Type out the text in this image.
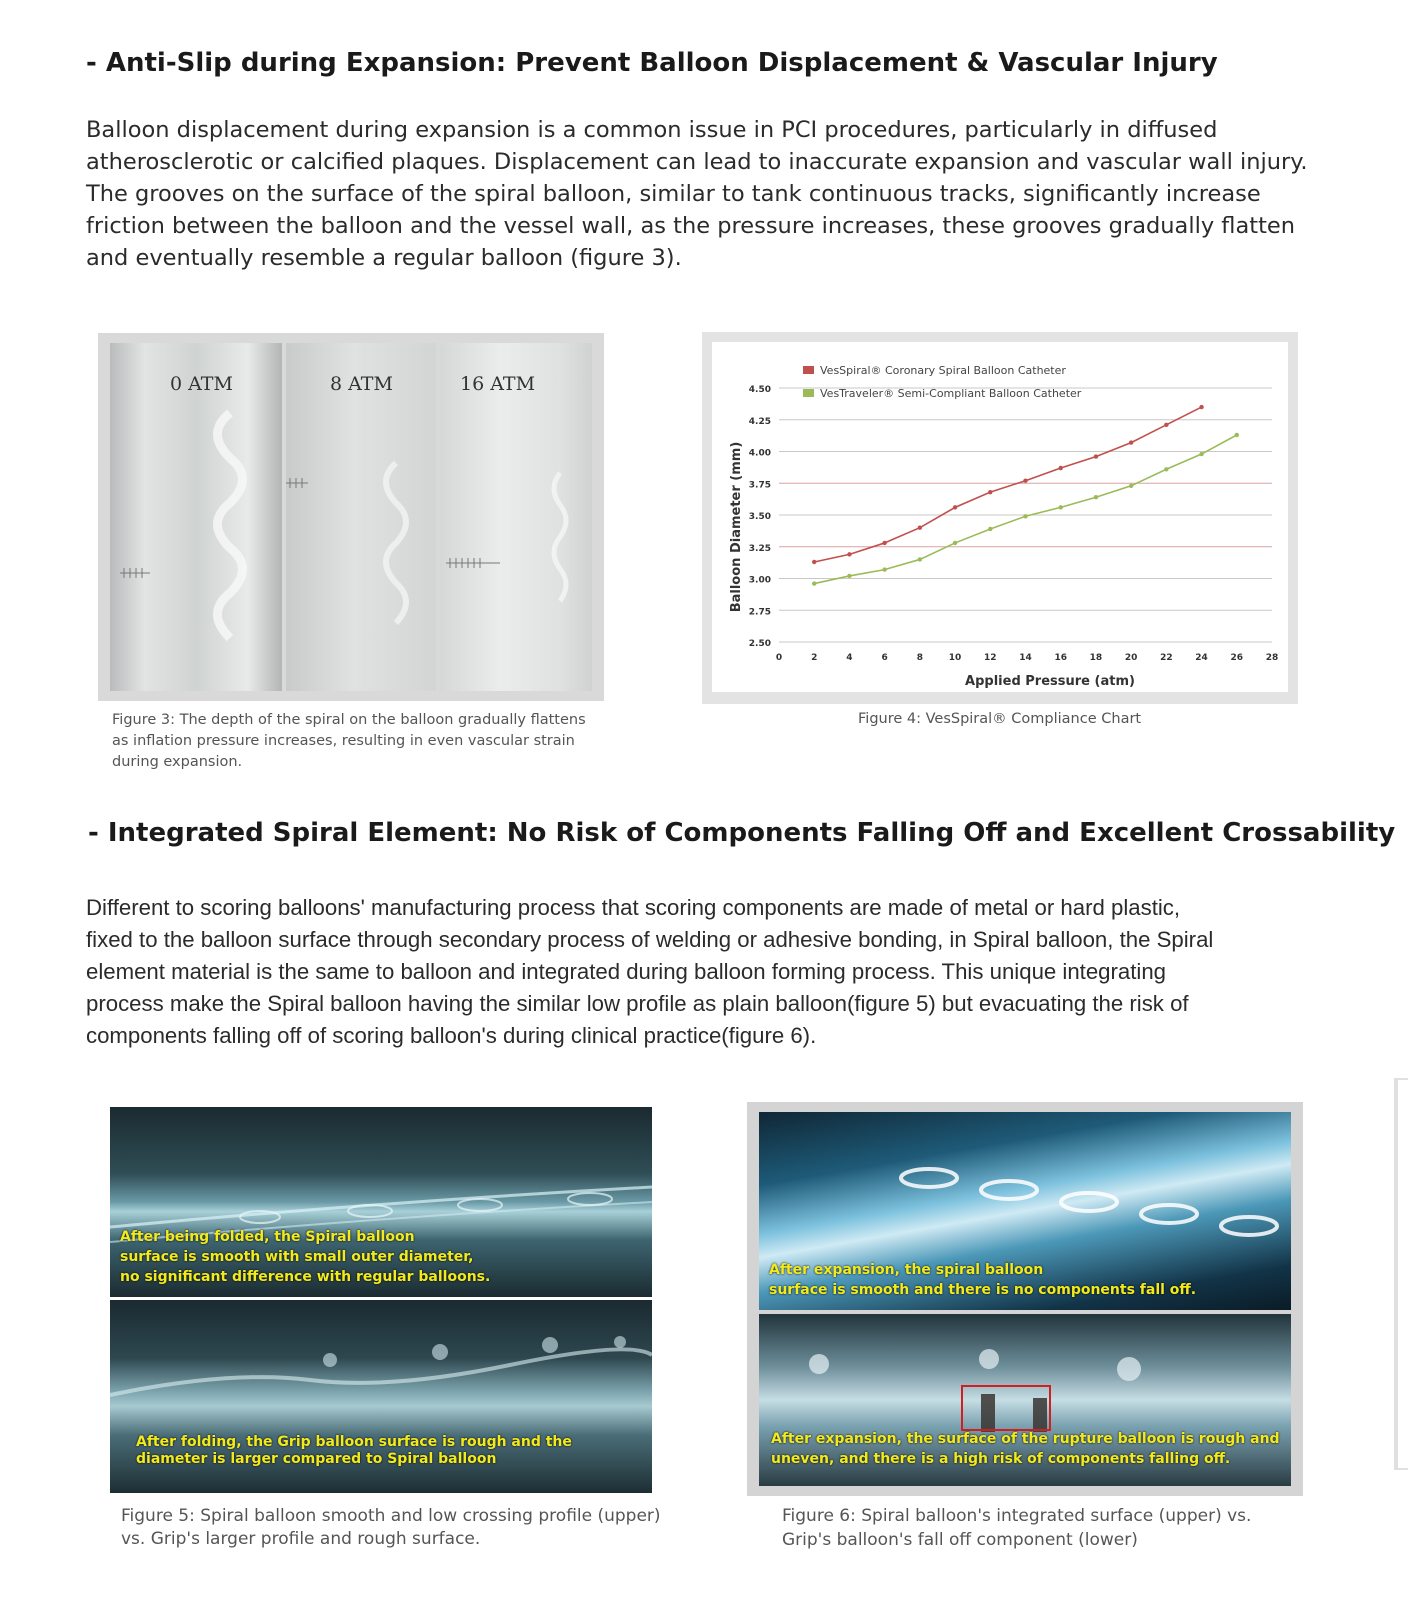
- Anti-Slip during Expansion: Prevent Balloon Displacement & Vascular Injury

Balloon displacement during expansion is a common issue in PCI procedures, particularly in diffused

atherosclerotic or calcified plaques. Displacement can lead to inaccurate expansion and vascular wall injury.

The grooves on the surface of the spiral balloon, similar to tank continuous tracks, significantly increase

friction between the balloon and the vessel wall, as the pressure increases, these grooves gradually flatten

and eventually resemble a regular balloon (figure 3).

0 ATM	8 ATM	16 ATM

Figure 3: The depth of the spiral on the balloon gradually flattens

as inflation pressure increases, resulting in even vascular strain

during expansion.

2.50
2.75
3.00
3.25
3.50
3.75
4.00
4.25
4.50
0	2	4	6	8	10	12	14	16	18	20	22	24	26	28
VesSpiral® Coronary Spiral Balloon Catheter
VesTraveler® Semi-Compliant Balloon Catheter
Applied Pressure (atm)
Balloon Diameter (mm)

Figure 4: VesSpiral® Compliance Chart

- Integrated Spiral Element: No Risk of Components Falling Off and Excellent Crossability

Different to scoring balloons' manufacturing process that scoring components are made of metal or hard plastic,

fixed to the balloon surface through secondary process of welding or adhesive bonding, in Spiral balloon, the Spiral

element material is the same to balloon and integrated during balloon forming process. This unique integrating

process make the Spiral balloon having the similar low profile as plain balloon(figure 5) but evacuating the risk of

components falling off of scoring balloon's during clinical practice(figure 6).

After being folded, the Spiral balloon
surface is smooth with small outer diameter,
no significant difference with regular balloons.
After folding, the Grip balloon surface is rough and the
diameter is larger compared to Spiral balloon

Figure 5: Spiral balloon smooth and low crossing profile (upper)

vs. Grip's larger profile and rough surface.

After expansion, the spiral balloon
surface is smooth and there is no components fall off.
After expansion, the surface of the rupture balloon is rough and
uneven, and there is a high risk of components falling off.

Figure 6: Spiral balloon's integrated surface (upper) vs.

Grip's balloon's fall off component (lower)
